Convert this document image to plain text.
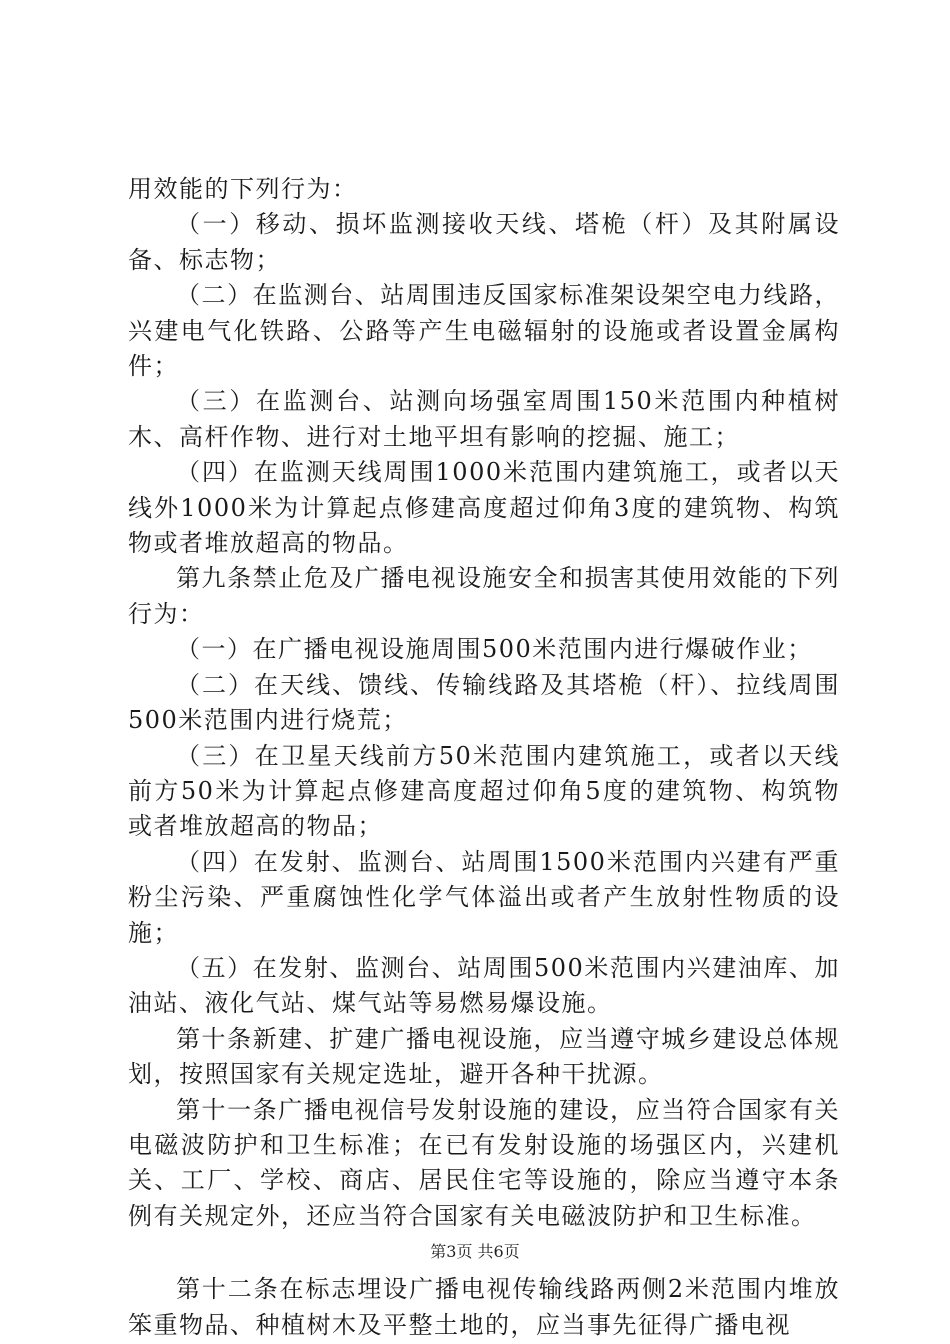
用效能的下列行为：

（一）移动、损坏监测接收天线、塔桅（杆）及其附属设备、标志物；

（二）在监测台、站周围违反国家标准架设架空电力线路，兴建电气化铁路、公路等产生电磁辐射的设施或者设置金属构件；

（三）在监测台、站测向场强室周围150米范围内种植树木、高杆作物、进行对土地平坦有影响的挖掘、施工；

（四）在监测天线周围1000米范围内建筑施工，或者以天线外1000米为计算起点修建高度超过仰角3度的建筑物、构筑物或者堆放超高的物品。

第九条禁止危及广播电视设施安全和损害其使用效能的下列行为：

（一）在广播电视设施周围500米范围内进行爆破作业；

（二）在天线、馈线、传输线路及其塔桅（杆）、拉线周围500米范围内进行烧荒；

（三）在卫星天线前方50米范围内建筑施工，或者以天线前方50米为计算起点修建高度超过仰角5度的建筑物、构筑物或者堆放超高的物品；

（四）在发射、监测台、站周围1500米范围内兴建有严重粉尘污染、严重腐蚀性化学气体溢出或者产生放射性物质的设施；

（五）在发射、监测台、站周围500米范围内兴建油库、加油站、液化气站、煤气站等易燃易爆设施。

第十条新建、扩建广播电视设施，应当遵守城乡建设总体规划，按照国家有关规定选址，避开各种干扰源。

第十一条广播电视信号发射设施的建设，应当符合国家有关电磁波防护和卫生标准；在已有发射设施的场强区内，兴建机关、工厂、学校、商店、居民住宅等设施的，除应当遵守本条例有关规定外，还应当符合国家有关电磁波防护和卫生标准。

第十二条在标志埋设广播电视传输线路两侧2米范围内堆放笨重物品、种植树木及平整土地的，应当事先征得广播电视

第3页 共6页
